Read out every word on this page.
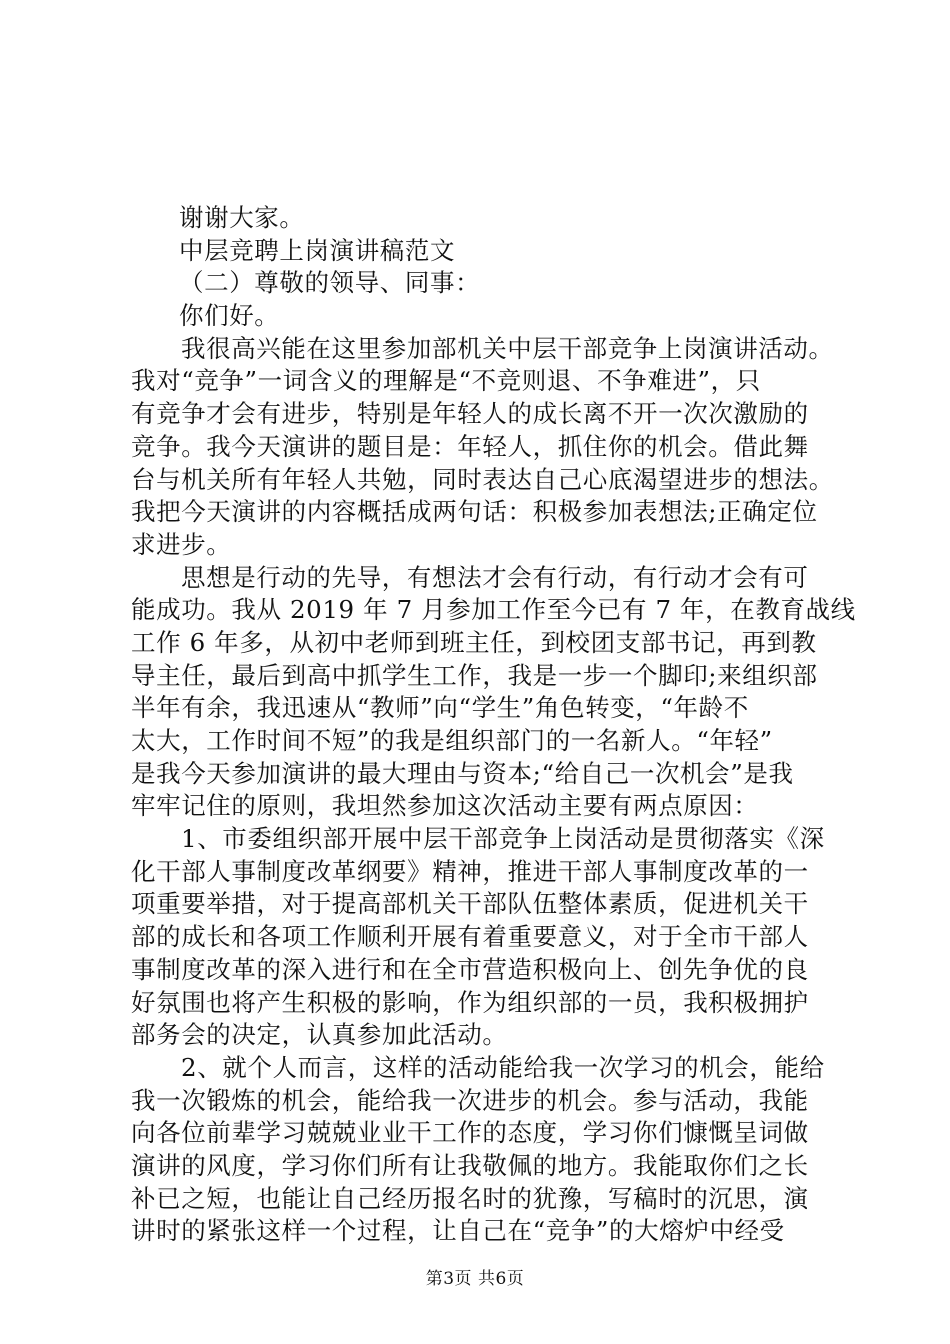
谢谢大家。
中层竞聘上岗演讲稿范文
（二）尊敬的领导、同事：
你们好。
我很高兴能在这里参加部机关中层干部竞争上岗演讲活动。
我对“竞争”一词含义的理解是“不竞则退、不争难进”，只
有竞争才会有进步，特别是年轻人的成长离不开一次次激励的
竞争。我今天演讲的题目是：年轻人，抓住你的机会。借此舞
台与机关所有年轻人共勉，同时表达自己心底渴望进步的想法。
我把今天演讲的内容概括成两句话：积极参加表想法;正确定位
求进步。
思想是行动的先导，有想法才会有行动，有行动才会有可
能成功。我从 2019 年 7 月参加工作至今已有 7 年，在教育战线
工作 6 年多，从初中老师到班主任，到校团支部书记，再到教
导主任，最后到高中抓学生工作，我是一步一个脚印;来组织部
半年有余，我迅速从“教师”向“学生”角色转变，“年龄不
太大，工作时间不短”的我是组织部门的一名新人。“年轻”
是我今天参加演讲的最大理由与资本;“给自己一次机会”是我
牢牢记住的原则，我坦然参加这次活动主要有两点原因：
1、市委组织部开展中层干部竞争上岗活动是贯彻落实《深
化干部人事制度改革纲要》精神，推进干部人事制度改革的一
项重要举措，对于提高部机关干部队伍整体素质，促进机关干
部的成长和各项工作顺利开展有着重要意义，对于全市干部人
事制度改革的深入进行和在全市营造积极向上、创先争优的良
好氛围也将产生积极的影响，作为组织部的一员，我积极拥护
部务会的决定，认真参加此活动。
2、就个人而言，这样的活动能给我一次学习的机会，能给
我一次锻炼的机会，能给我一次进步的机会。参与活动，我能
向各位前辈学习兢兢业业干工作的态度，学习你们慷慨呈词做
演讲的风度，学习你们所有让我敬佩的地方。我能取你们之长
补已之短，也能让自己经历报名时的犹豫，写稿时的沉思，演
讲时的紧张这样一个过程，让自己在“竞争”的大熔炉中经受
第3页 共6页
